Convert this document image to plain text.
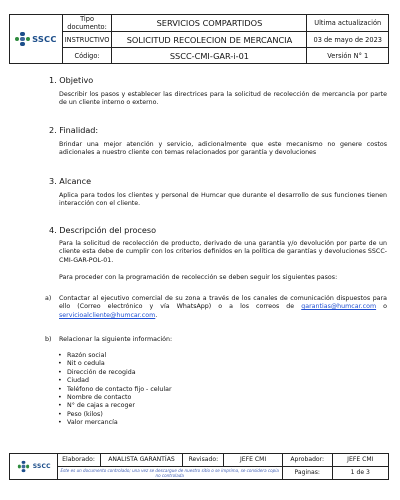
SSCC	Tipo documento:	SERVICIOS COMPARTIDOS	Ultima actualización
	INSTRUCTIVO	SOLICITUD RECOLECION DE MERCANCIA	03 de mayo de 2023
	Código:	SSCC-CMI-GAR-i-01	Versión N° 1
1. Objetivo
Describir los pasos y establecer las directrices para la solicitud de recolección de mercancía por parte de un cliente interno o externo.
2. Finalidad:
Brindar una mejor atención y servicio, adicionalmente que este mecanismo no genere costos adicionales a nuestro cliente con temas relacionados por garantía y devoluciones
3. Alcance
Aplica para todos los clientes y personal de Humcar que durante el desarrollo de sus funciones tienen interacción con el cliente.
4. Descripción del proceso
Para la solicitud de recolección de producto, derivado de una garantía y/o devolución por parte de un cliente esta debe de cumplir con los criterios definidos en la política de garantías y devoluciones SSCC-CMI-GAR-POL-01.
Para proceder con la programación de recolección se deben seguir los siguientes pasos:
a) Contactar al ejecutivo comercial de su zona a través de los canales de comunicación dispuestos para ello (Correo electrónico y vía WhatsApp) o a los correos de garantias@humcar.com o servicioalcliente@humcar.com.
b) Relacionar la siguiente información:
• Razón social
• Nit o cedula
• Dirección de recogida
• Ciudad
• Teléfono de contacto fijo - celular
• Nombre de contacto
• N° de cajas a recoger
• Peso (kilos)
• Valor mercancía
SSCC	Elaborado:	ANALISTA GARANTÍAS	Revisado:	JEFE CMI	Aprobador:	JEFE CMI
	Este es un documento controlado; una vez se descargue de nuestro sitio o se imprima, se considera copia no controlada				Paginas:	1 de 3
